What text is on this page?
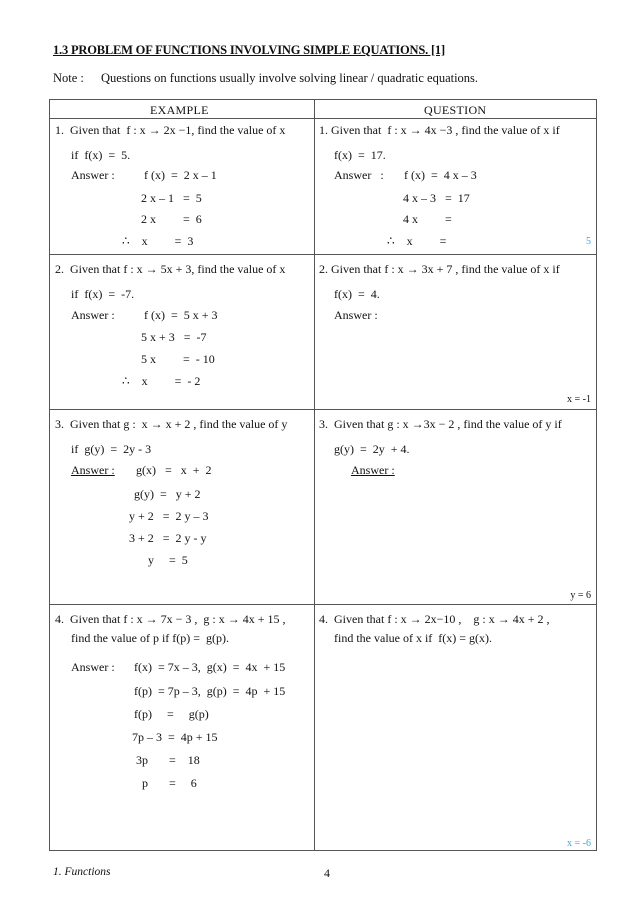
1.3 PROBLEM OF FUNCTIONS INVOLVING SIMPLE EQUATIONS. [1]
Note : Questions on functions usually involve solving linear / quadratic equations.
EXAMPLE	QUESTION
1.  Given that  f : x → 2x −1, find the value of x
if  f(x)  =  5.
Answer : f (x)  =  2 x – 1
2 x – 1   =  5
2 x         =  6
∴    x         =  3
1. Given that  f : x → 4x −3 , find the value of x if
f(x)  =  17.
Answer   : f (x)  =  4 x – 3
4 x – 3   =  17
4 x         =
∴    x         =	5
2.  Given that f : x → 5x + 3, find the value of x
if  f(x)  =  -7.
Answer : f (x)  =  5 x + 3
5 x + 3   =  -7
5 x         =  - 10
∴    x         =  - 2
2. Given that f : x → 3x + 7 , find the value of x if
f(x)  =  4.
Answer :
x = -1
3.  Given that g :  x → x + 2 , find the value of y
if  g(y)  =  2y - 3
Answer : g(x)   =   x  +  2
g(y)  =   y + 2
y + 2   =  2 y – 3
3 + 2   =  2 y - y
y     =  5
3.  Given that g : x →3x − 2 , find the value of y if
g(y)  =  2y  + 4.
Answer :
y = 6
4.  Given that f : x → 7x − 3 ,  g : x → 4x + 15 ,
find the value of p if f(p) =  g(p).
Answer : f(x)  = 7x – 3,  g(x)  =  4x  + 15
f(p)  = 7p – 3,  g(p)  =  4p  + 15
f(p)     =     g(p)
7p – 3  =  4p + 15
3p       =    18
p       =     6
4.  Given that f : x → 2x−10 ,    g : x → 4x + 2 ,
find the value of x if  f(x) = g(x).
x = -6
1. Functions	4
